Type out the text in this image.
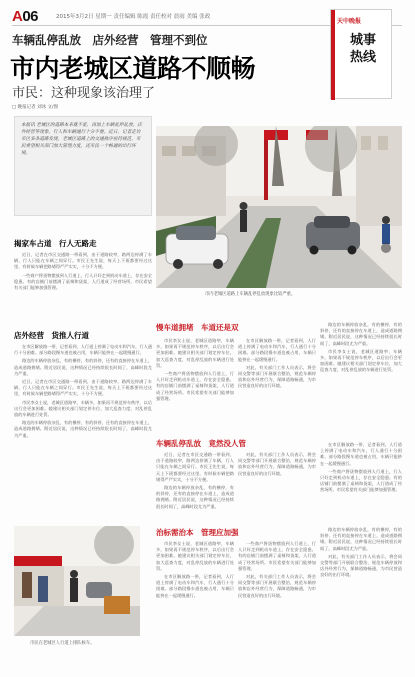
A06	2015年3月2日 星期一 责任编辑 陈霞 责任校对 晨雨 美编 张政
天中晚报
城事
热线
车辆乱停乱放　店外经营　管理不到位
市内老城区道路不顺畅
市民：这种现象该治理了
□ 晚报记者 刘冰 文/图

本报讯 老城区的道路本来就不宽，再加上车辆乱停乱放、店外经营等现象，行人和车辆通行十分不便。近日，记者走访市区多条道路发现，老城区道路上的交通秩序亟待规范。市民希望相关部门加大管理力度，还市民一个畅通的出行环境。

市内老城区道路上车辆乱停乱放现象比较严重。
揭家车占道　行人无路走

近日，记者在市区交通路一带看到，由于道路较窄，路两边停满了车辆，行人只能在车辆之间穿行。市民王先生说，每天上下班都要经过这里，有时候车辆把路堵得严严实实，十分不方便。

一些商户将货物摆放到人行道上，行人只好走到机动车道上，存在安全隐患。有的店铺门前摆满了桌椅和货架，人行道成了经营场所。市民希望有关部门能够加强管理。

店外经营　货推人行道

在市区解放路一带，记者看到，人行道上停满了电动车和汽车，行人通行十分困难。部分路段慢车道也被占用，车辆只能挤在一起缓慢通行。

路边的车辆停放杂乱，有的横停，有的斜停，还有的直接停在车道上，造成道路拥堵。附近居民说，这种情况已经持续很长时间了，高峰时段尤为严重。

近日，记者在市区交通路一带看到，由于道路较窄，路两边停满了车辆，行人只能在车辆之间穿行。市民王先生说，每天上下班都要经过这里，有时候车辆把路堵得严严实实，十分不方便。

市民李女士说，老城区道路窄，车辆多，如果再不规范停车秩序，以后出行会更加困难。她建议相关部门划定停车位，加大巡查力度，对乱停乱放的车辆进行处罚。

路边的车辆停放杂乱，有的横停，有的斜停，还有的直接停在车道上，造成道路拥堵。附近居民说，这种情况已经持续很长时间了，高峰时段尤为严重。

市民在老城区人行道上排队候车。
慢车道拥堵　车道还是双

市民李女士说，老城区道路窄，车辆多，如果再不规范停车秩序，以后出行会更加困难。她建议相关部门划定停车位，加大巡查力度，对乱停乱放的车辆进行处罚。

一些商户将货物摆放到人行道上，行人只好走到机动车道上，存在安全隐患。有的店铺门前摆满了桌椅和货架，人行道成了经营场所。市民希望有关部门能够加强管理。

在市区解放路一带，记者看到，人行道上停满了电动车和汽车，行人通行十分困难。部分路段慢车道也被占用，车辆只能挤在一起缓慢通行。

对此，有关部门工作人员表示，将会同交警等部门开展联合整治，规范车辆停放和店外经营行为，保障道路畅通，为市民营造良好的出行环境。

路边的车辆停放杂乱，有的横停，有的斜停，还有的直接停在车道上，造成道路拥堵。附近居民说，这种情况已经持续很长时间了，高峰时段尤为严重。

市民李女士说，老城区道路窄，车辆多，如果再不规范停车秩序，以后出行会更加困难。她建议相关部门划定停车位，加大巡查力度，对乱停乱放的车辆进行处罚。

车辆乱停乱放　竟然没人管

近日，记者在市区交通路一带看到，由于道路较窄，路两边停满了车辆，行人只能在车辆之间穿行。市民王先生说，每天上下班都要经过这里，有时候车辆把路堵得严严实实，十分不方便。

路边的车辆停放杂乱，有的横停，有的斜停，还有的直接停在车道上，造成道路拥堵。附近居民说，这种情况已经持续很长时间了，高峰时段尤为严重。

对此，有关部门工作人员表示，将会同交警等部门开展联合整治，规范车辆停放和店外经营行为，保障道路畅通，为市民营造良好的出行环境。

在市区解放路一带，记者看到，人行道上停满了电动车和汽车，行人通行十分困难。部分路段慢车道也被占用，车辆只能挤在一起缓慢通行。

一些商户将货物摆放到人行道上，行人只好走到机动车道上，存在安全隐患。有的店铺门前摆满了桌椅和货架，人行道成了经营场所。市民希望有关部门能够加强管理。

治标需治本　管理应加强

市民李女士说，老城区道路窄，车辆多，如果再不规范停车秩序，以后出行会更加困难。她建议相关部门划定停车位，加大巡查力度，对乱停乱放的车辆进行处罚。

在市区解放路一带，记者看到，人行道上停满了电动车和汽车，行人通行十分困难。部分路段慢车道也被占用，车辆只能挤在一起缓慢通行。

一些商户将货物摆放到人行道上，行人只好走到机动车道上，存在安全隐患。有的店铺门前摆满了桌椅和货架，人行道成了经营场所。市民希望有关部门能够加强管理。

对此，有关部门工作人员表示，将会同交警等部门开展联合整治，规范车辆停放和店外经营行为，保障道路畅通，为市民营造良好的出行环境。

路边的车辆停放杂乱，有的横停，有的斜停，还有的直接停在车道上，造成道路拥堵。附近居民说，这种情况已经持续很长时间了，高峰时段尤为严重。

对此，有关部门工作人员表示，将会同交警等部门开展联合整治，规范车辆停放和店外经营行为，保障道路畅通，为市民营造良好的出行环境。
